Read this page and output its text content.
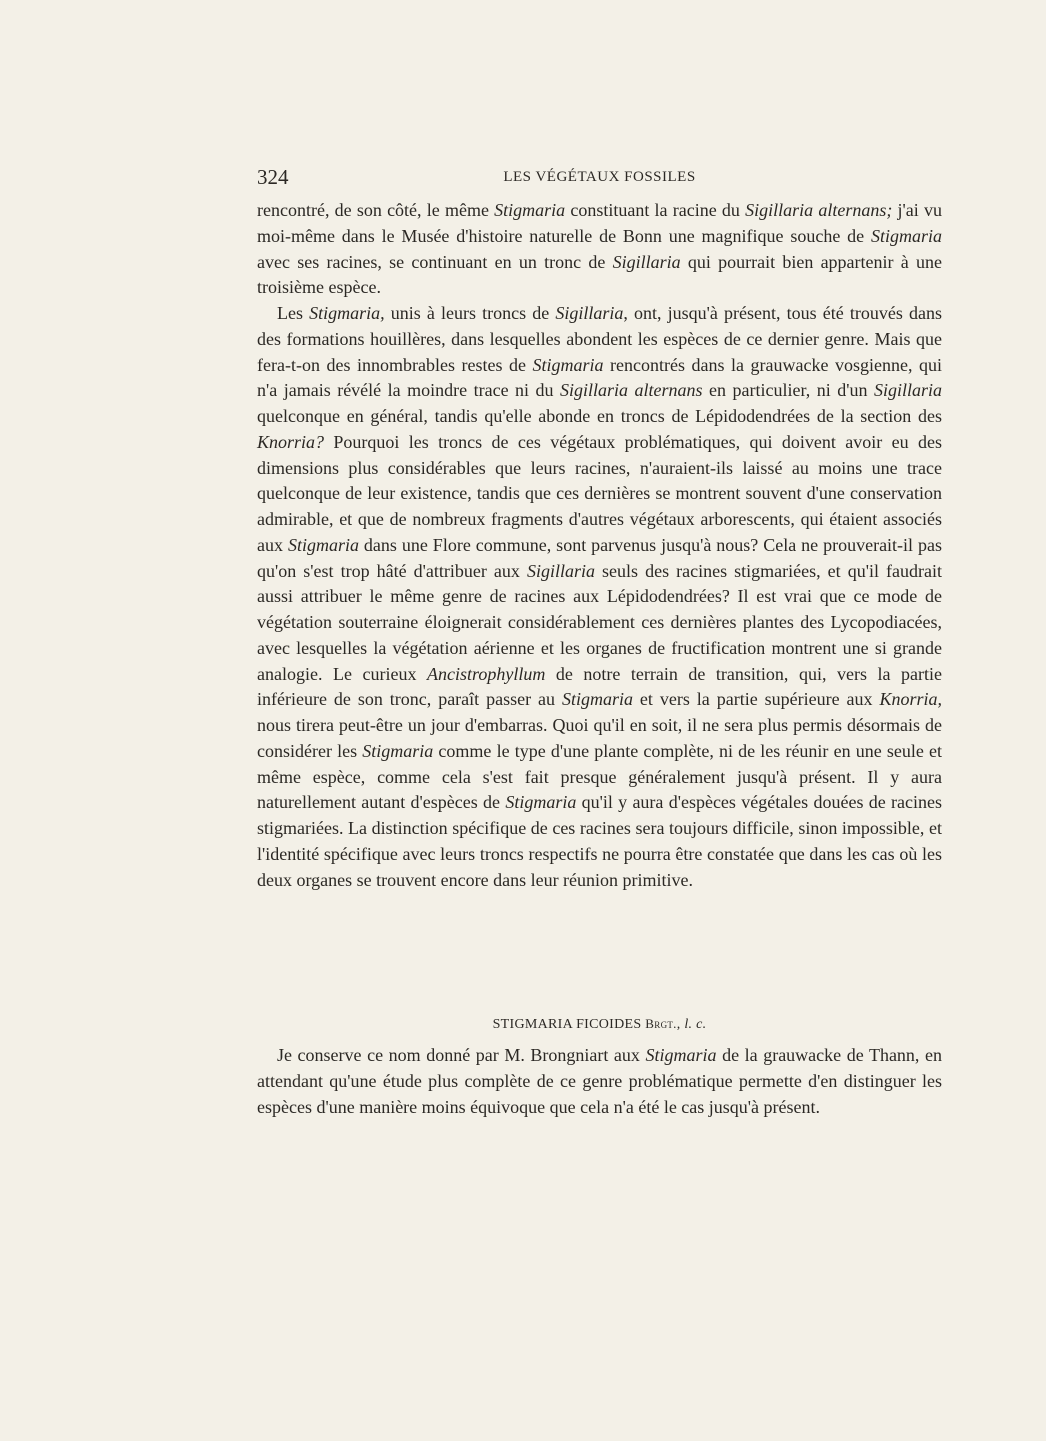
324	LES VÉGÉTAUX FOSSILES

rencontré, de son côté, le même Stigmaria constituant la racine du Sigillaria alternans; j'ai vu moi-même dans le Musée d'histoire naturelle de Bonn une magnifique souche de Stigmaria avec ses racines, se continuant en un tronc de Sigillaria qui pourrait bien appartenir à une troisième espèce.

Les Stigmaria, unis à leurs troncs de Sigillaria, ont, jusqu'à présent, tous été trouvés dans des formations houillères, dans lesquelles abondent les espèces de ce dernier genre. Mais que fera-t-on des innombrables restes de Stigmaria rencontrés dans la grauwacke vosgienne, qui n'a jamais révélé la moindre trace ni du Sigillaria alternans en particulier, ni d'un Sigillaria quelconque en général, tandis qu'elle abonde en troncs de Lépidodendrées de la section des Knorria? Pourquoi les troncs de ces végétaux problématiques, qui doivent avoir eu des dimensions plus considérables que leurs racines, n'auraient-ils laissé au moins une trace quelconque de leur existence, tandis que ces dernières se montrent souvent d'une conservation admirable, et que de nombreux fragments d'autres végétaux arborescents, qui étaient associés aux Stigmaria dans une Flore commune, sont parvenus jusqu'à nous? Cela ne prouverait-il pas qu'on s'est trop hâté d'attribuer aux Sigillaria seuls des racines stigmariées, et qu'il faudrait aussi attribuer le même genre de racines aux Lépidodendrées? Il est vrai que ce mode de végétation souterraine éloignerait considérablement ces dernières plantes des Lycopodiacées, avec lesquelles la végétation aérienne et les organes de fructification montrent une si grande analogie. Le curieux Ancistrophyllum de notre terrain de transition, qui, vers la partie inférieure de son tronc, paraît passer au Stigmaria et vers la partie supérieure aux Knorria, nous tirera peut-être un jour d'embarras. Quoi qu'il en soit, il ne sera plus permis désormais de considérer les Stigmaria comme le type d'une plante complète, ni de les réunir en une seule et même espèce, comme cela s'est fait presque généralement jusqu'à présent. Il y aura naturellement autant d'espèces de Stigmaria qu'il y aura d'espèces végétales douées de racines stigmariées. La distinction spécifique de ces racines sera toujours difficile, sinon impossible, et l'identité spécifique avec leurs troncs respectifs ne pourra être constatée que dans les cas où les deux organes se trouvent encore dans leur réunion primitive.

STIGMARIA FICOIDES Brgt., l. c.

Je conserve ce nom donné par M. Brongniart aux Stigmaria de la grauwacke de Thann, en attendant qu'une étude plus complète de ce genre problématique permette d'en distinguer les espèces d'une manière moins équivoque que cela n'a été le cas jusqu'à présent.
